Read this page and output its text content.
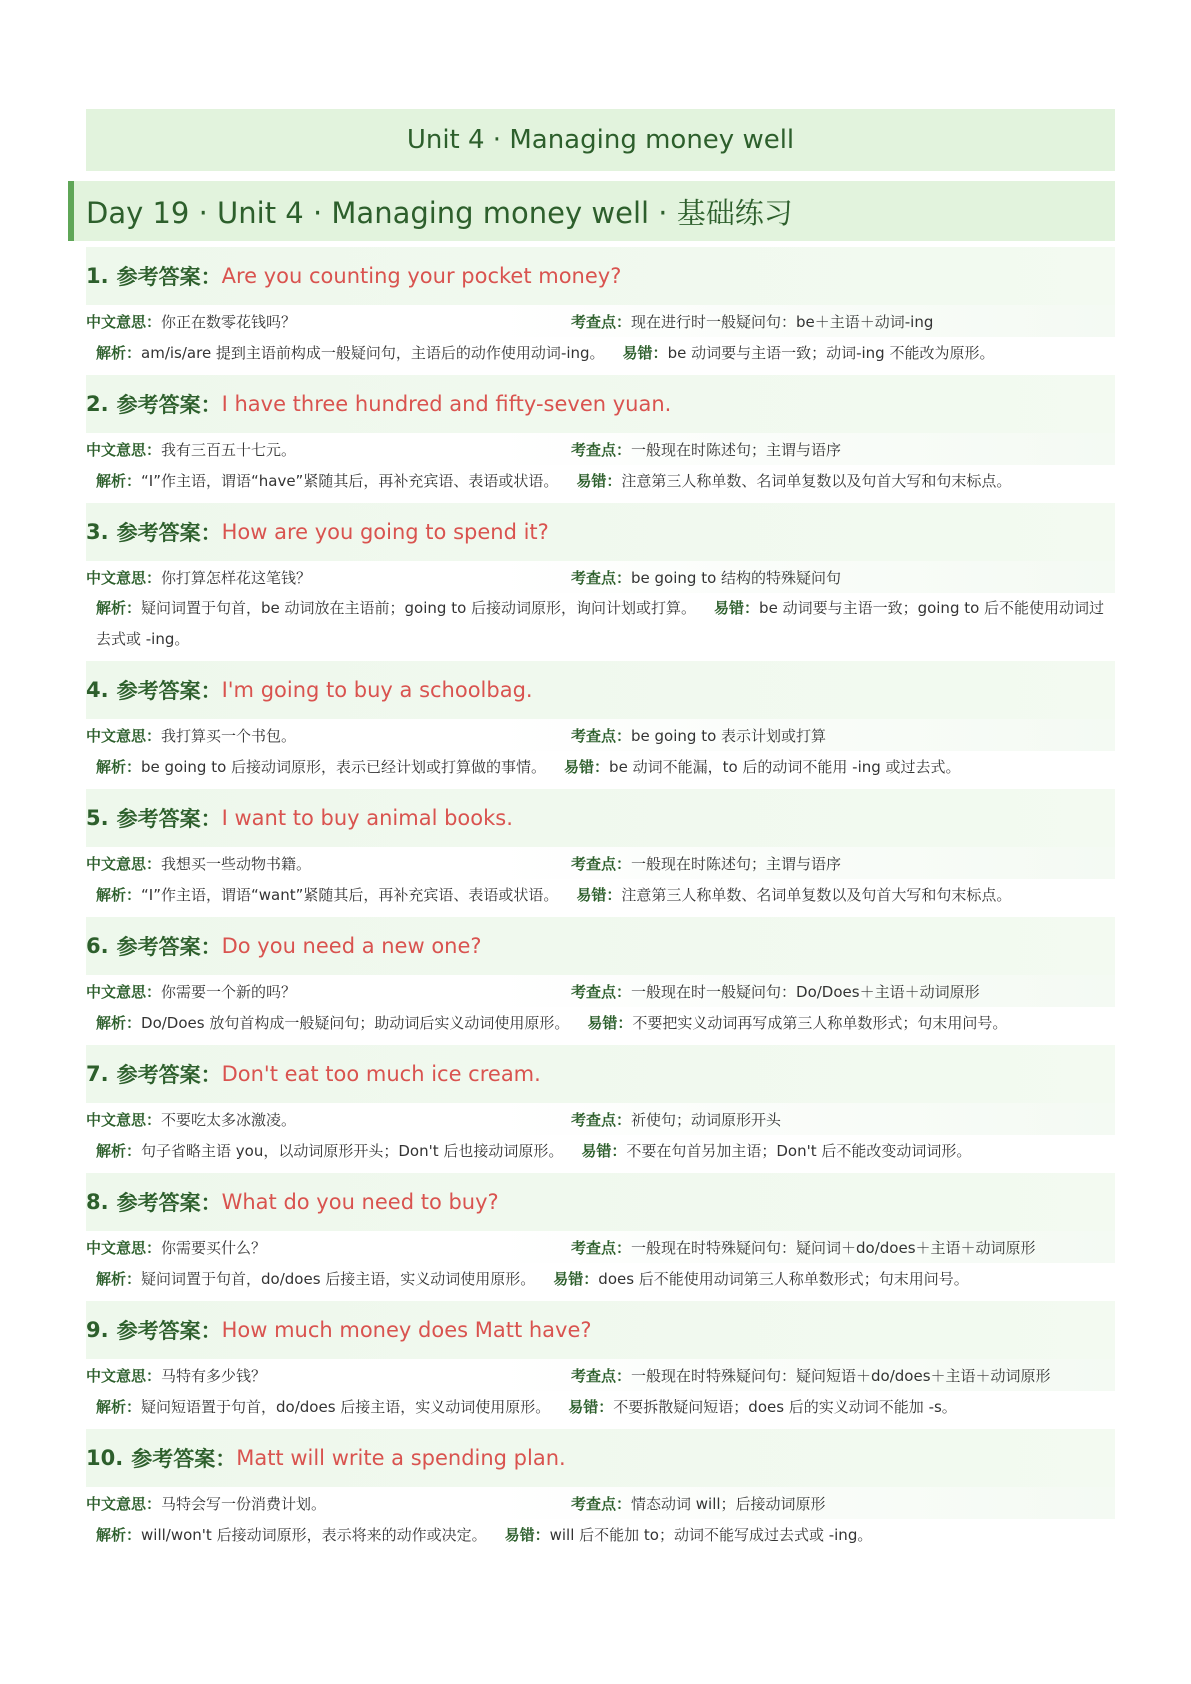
Unit 4 · Managing money well
Day 19 · Unit 4 · Managing money well · 基础练习
1. 参考答案： Are you counting your pocket money?
中文意思：你正在数零花钱吗？	考查点：现在进行时一般疑问句：be＋主语＋动词-ing
解析：am/is/are 提到主语前构成一般疑问句，主语后的动作使用动词-ing。 易错：be 动词要与主语一致；动词-ing 不能改为原形。
2. 参考答案： I have three hundred and fifty-seven yuan.
中文意思：我有三百五十七元。	考查点：一般现在时陈述句；主谓与语序
解析：“I”作主语，谓语“have”紧随其后，再补充宾语、表语或状语。 易错：注意第三人称单数、名词单复数以及句首大写和句末标点。
3. 参考答案： How are you going to spend it?
中文意思：你打算怎样花这笔钱？	考查点：be going to 结构的特殊疑问句
解析：疑问词置于句首，be 动词放在主语前；going to 后接动词原形，询问计划或打算。 易错：be 动词要与主语一致；going to 后不能使用动词过去式或 -ing。
4. 参考答案： I'm going to buy a schoolbag.
中文意思：我打算买一个书包。	考查点：be going to 表示计划或打算
解析：be going to 后接动词原形，表示已经计划或打算做的事情。 易错：be 动词不能漏，to 后的动词不能用 -ing 或过去式。
5. 参考答案： I want to buy animal books.
中文意思：我想买一些动物书籍。	考查点：一般现在时陈述句；主谓与语序
解析：“I”作主语，谓语“want”紧随其后，再补充宾语、表语或状语。 易错：注意第三人称单数、名词单复数以及句首大写和句末标点。
6. 参考答案： Do you need a new one?
中文意思：你需要一个新的吗？	考查点：一般现在时一般疑问句：Do/Does＋主语＋动词原形
解析：Do/Does 放句首构成一般疑问句；助动词后实义动词使用原形。 易错：不要把实义动词再写成第三人称单数形式；句末用问号。
7. 参考答案： Don't eat too much ice cream.
中文意思：不要吃太多冰激凌。	考查点：祈使句；动词原形开头
解析：句子省略主语 you，以动词原形开头；Don't 后也接动词原形。 易错：不要在句首另加主语；Don't 后不能改变动词词形。
8. 参考答案： What do you need to buy?
中文意思：你需要买什么？	考查点：一般现在时特殊疑问句：疑问词＋do/does＋主语＋动词原形
解析：疑问词置于句首，do/does 后接主语，实义动词使用原形。 易错：does 后不能使用动词第三人称单数形式；句末用问号。
9. 参考答案： How much money does Matt have?
中文意思：马特有多少钱？	考查点：一般现在时特殊疑问句：疑问短语＋do/does＋主语＋动词原形
解析：疑问短语置于句首，do/does 后接主语，实义动词使用原形。 易错：不要拆散疑问短语；does 后的实义动词不能加 -s。
10. 参考答案： Matt will write a spending plan.
中文意思：马特会写一份消费计划。	考查点：情态动词 will；后接动词原形
解析：will/won't 后接动词原形，表示将来的动作或决定。 易错：will 后不能加 to；动词不能写成过去式或 -ing。
